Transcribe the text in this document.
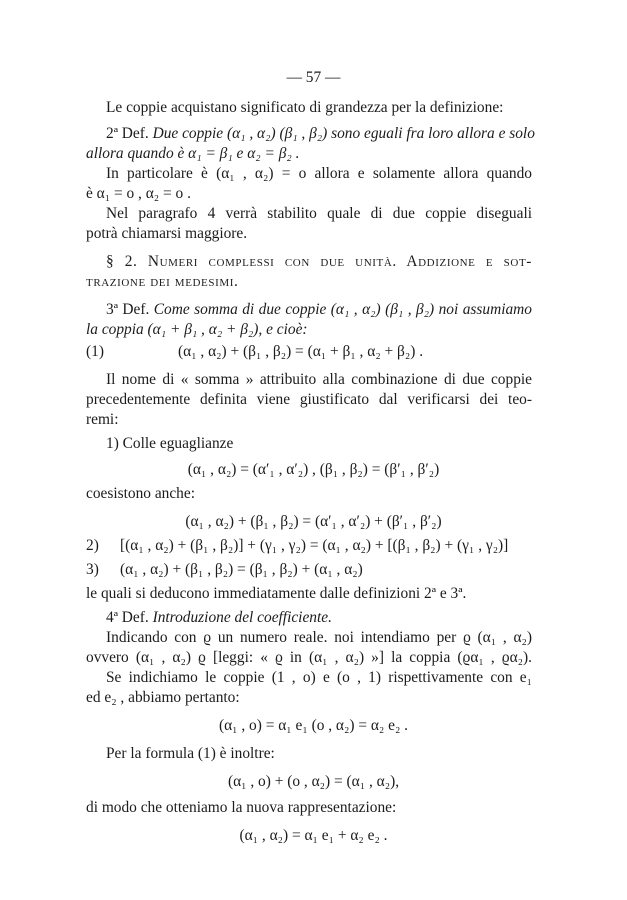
— 57 —
Le coppie acquistano significato di grandezza per la definizione:
2ª Def. Due coppie (α₁ , α₂) (β₁ , β₂) sono eguali fra loro allora e solo
allora quando è α₁ = β₁ e α₂ = β₂ .
In particolare è (α₁ , α₂) = o allora e solamente allora quando
è α₁ = o , α₂ = o .
Nel paragrafo 4 verrà stabilito quale di due coppie diseguali
potrà chiamarsi maggiore.
§ 2. Numeri complessi con due unità. Addizione e sot-
trazione dei medesimi.
3ª Def. Come somma di due coppie (α₁ , α₂) (β₁ , β₂) noi assumiamo
la coppia (α₁ + β₁ , α₂ + β₂), e cioè:
(1)	(α₁ , α₂) + (β₁ , β₂) = (α₁ + β₁ , α₂ + β₂) .
Il nome di « somma » attribuito alla combinazione di due coppie
precedentemente definita viene giustificato dal verificarsi dei teo-
remi:
1) Colle eguaglianze
(α₁ , α₂) = (α′₁ , α′₂) , (β₁ , β₂) = (β′₁ , β′₂)
coesistono anche:
(α₁ , α₂) + (β₁ , β₂) = (α′₁ , α′₂) + (β′₁ , β′₂)
2) [(α₁ , α₂) + (β₁ , β₂)] + (γ₁ , γ₂) = (α₁ , α₂) + [(β₁ , β₂) + (γ₁ , γ₂)]
3) (α₁ , α₂) + (β₁ , β₂) = (β₁ , β₂) + (α₁ , α₂)
le quali si deducono immediatamente dalle definizioni 2ª e 3ª.
4ª Def. Introduzione del coefficiente.
Indicando con ϱ un numero reale. noi intendiamo per ϱ (α₁ , α₂)
ovvero (α₁ , α₂) ϱ [leggi: « ϱ in (α₁ , α₂) »] la coppia (ϱα₁ , ϱα₂).
Se indichiamo le coppie (1 , o) e (o , 1) rispettivamente con e₁
ed e₂ , abbiamo pertanto:
(α₁ , o) = α₁ e₁ (o , α₂) = α₂ e₂ .
Per la formula (1) è inoltre:
(α₁ , o) + (o , α₂) = (α₁ , α₂),
di modo che otteniamo la nuova rappresentazione:
(α₁ , α₂) = α₁ e₁ + α₂ e₂ .
